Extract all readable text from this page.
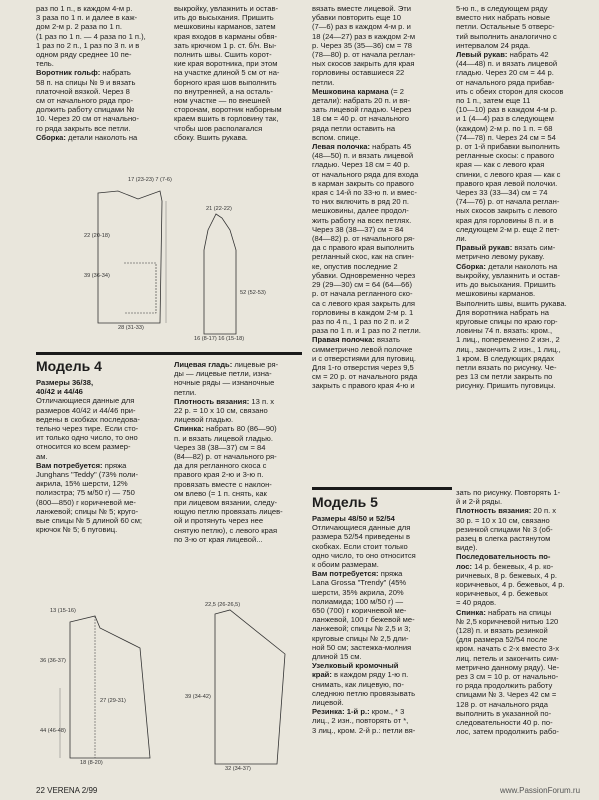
раз по 1 п., в каждом 4-м р.
3 раза по 1 п. и далее в каж-
дом 2-м р. 2 раза по 1 п.
(1 раз по 1 п. — 4 раза по 1 п.),
1 раз по 2 п., 1 раз по 3 п. и в
одном ряду среднее 10 пе-
тель.
Воротник гольф: набрать
58 п. на спицы № 9 и вязать
платочной вязкой. Через 8
см от начального ряда про-
должить работу спицами №
10. Через 20 см от начально-
го ряда закрыть все петли.
Сборка: детали наколоть на
выкройку, увлажнить и остав-
ить до высыхания. Пришить
мешковины карманов, затем
края входов в карманы обвя-
зать крючком 1 р. ст. б/н. Вы-
полнить швы. Сшить корот-
кие края воротника, при этом
на участке длиной 5 см от на-
борного края шов выполнить
по внутренней, а на осталь-
ном участке — по внешней
сторонам, воротник наборным
краем вшить в горловину так,
чтобы шов располагался
сбоку. Вшить рукава.
17 (23-23) 7 (7-6)
22 (20-18)
39 (36-34)
28 (31-33)
21 (22-22)
52 (52-53)
16 (8-17) 16 (15-18)
Модель 4
Размеры 36/38,
40/42 и 44/46
Отличающиеся данные для
размеров 40/42 и 44/46 при-
ведены в скобках последова-
тельно через тире. Если сто-
ит только одно число, то оно
относится ко всем размер-
ам.
Вам потребуется: пряжа
Junghans "Teddy" (73% поли-
акрила, 15% шерсти, 12%
полиэстра; 75 м/50 г) — 750
(800—850) г коричневой ме-
ланжевой; спицы № 5; круго-
вые спицы № 5 длиной 60 см;
крючок № 5; 6 пуговиц.
Лицевая гладь: лицевые ря-
ды — лицевые петли, изна-
ночные ряды — изнаночные
петли.
Плотность вязания: 13 п. х
22 р. = 10 х 10 см, связано
лицевой гладью.
Спинка: набрать 80 (86—90)
п. и вязать лицевой гладью.
Через 38 (38—37) см = 84
(84—82) р. от начального ря-
да для регланного скоса с
правого края 2-ю и 3-ю п.
провязать вместе с наклон-
ом влево (= 1 п. снять, как
при лицевом вязании, следу-
ющую петлю провязать лицев-
ой и протянуть через нее
снятую петлю), с левого края
по 3-ю от края лицевой...
13 (15-16)
36 (36-37)
27 (29-31)
44 (46-48)
18 (8-20)
22,5 (26-26,5)
39 (34-42)
32 (34-37)
вязать вместе лицевой. Эти
убавки повторить еще 10
(7—6) раз в каждом 4-м р. и
18 (24—27) раз в каждом 2-м
р. Через 35 (35—36) см = 78
(78—80) р. от начала реглан-
ных скосов закрыть для края
горловины оставшиеся 22
петли.
Мешковина кармана (= 2
детали): набрать 20 п. и вя-
зать лицевой гладью. Через
18 см = 40 р. от начального
ряда петли оставить на
вспом. спице.
Левая полочка: набрать 45
(48—50) п. и вязать лицевой
гладью. Через 18 см = 40 р.
от начального ряда для входа
в карман закрыть со правого
края с 14-й по 33-ю п. и вмес-
то них включить в ряд 20 п.
мешковины, далее продол-
жить работу на всех петлях.
Через 38 (38—37) см = 84
(84—82) р. от начального ря-
да с правого края выполнить
регланный скос, как на спин-
ке, опустив последние 2
убавки. Одновременно через
29 (29—30) см = 64 (64—66)
р. от начала регланного ско-
са с левого края закрыть для
горловины в каждом 2-м р. 1
раз по 4 п., 1 раз по 2 п. и 2
раза по 1 п. и 1 раз по 2 петли.
Правая полочка: вязать
симметрично левой полочке
и с отверстиями для пуговиц.
Для 1-го отверстия через 9,5
см = 20 р. от начального ряда
закрыть с правого края 4-ю и
5-ю п., в следующем ряду
вместо них набрать новые
петли. Остальные 5 отверс-
тий выполнить аналогично с
интервалом 24 ряда.
Левый рукав: набрать 42
(44—48) п. и вязать лицевой
гладью. Через 20 см = 44 р.
от начального ряда прибав-
ить с обеих сторон для скосов
по 1 п., затем еще 11
(10—10) раз в каждом 4-м р.
и 1 (4—4) раз в следующем
(каждом) 2-м р. по 1 п. = 68
(74—78) п. Через 24 см = 54
р. от 1-й прибавки выполнить
регланные скосы: с правого
края — как с левого края
спинки, с левого края — как с
правого края левой полочки.
Через 33 (33—34) см = 74
(74—76) р. от начала реглан-
ных скосов закрыть с левого
края для горловины 8 п. и в
следующем 2-м р. еще 2 пет-
ли.
Правый рукав: вязать сим-
метрично левому рукаву.
Сборка: детали наколоть на
выкройку, увлажнить и остав-
ить до высыхания. Пришить
мешковины карманов.
Выполнить швы, вшить рукава.
Для воротника набрать на
круговые спицы по краю гор-
ловины 74 п. вязать: кром.,
1 лиц., попеременно 2 изн., 2
лиц., закончить 2 изн., 1 лиц.,
1 кром. В следующих рядах
петли вязать по рисунку. Че-
рез 13 см петли закрыть по
рисунку. Пришить пуговицы.
Модель 5
Размеры 48/50 и 52/54
Отличающиеся данные для
размера 52/54 приведены в
скобках. Если стоит только
одно число, то оно относится
к обоим размерам.
Вам потребуется: пряжа
Lana Grossa "Trendy" (45%
шерсти, 35% акрила, 20%
полиамида; 100 м/50 г) —
650 (700) г коричневой ме-
ланжевой, 100 г бежевой ме-
ланжевой; спицы № 2,5 и 3;
круговые спицы № 2,5 дли-
ной 50 см; застежка-молния
длиной 15 см.
Узелковый кромочный
край: в каждом ряду 1-ю п.
снимать, как лицевую, по-
следнюю петлю провязывать
лицевой.
Резинка: 1-й р.: кром., * 3
лиц., 2 изн., повторять от *,
3 лиц., кром. 2-й р.: петли вя-
зать по рисунку. Повторять 1-
й и 2-й ряды.
Плотность вязания: 20 п. х
30 р. = 10 х 10 см, связано
резинкой спицами № 3 (об-
разец в слегка растянутом
виде).
Последовательность по-
лос: 14 р. бежевых, 4 р. ко-
ричневых, 8 р. бежевых, 4 р.
коричневых, 4 р. бежевых, 4 р.
коричневых, 4 р. бежевых
= 40 рядов.
Спинка: набрать на спицы
№ 2,5 коричневой нитью 120
(128) п. и вязать резинкой
(для размера 52/54 после
кром. начать с 2-х вместо 3-х
лиц. петель и закончить сим-
метрично данному ряду). Че-
рез 3 см = 10 р. от начально-
го ряда продолжить работу
спицами № 3. Через 42 см =
128 р. от начального ряда
выполнить в указанной по-
следовательности 40 р. по-
лос, затем продолжить рабо-
22 VERENA 2/99	www.PassionForum.ru
